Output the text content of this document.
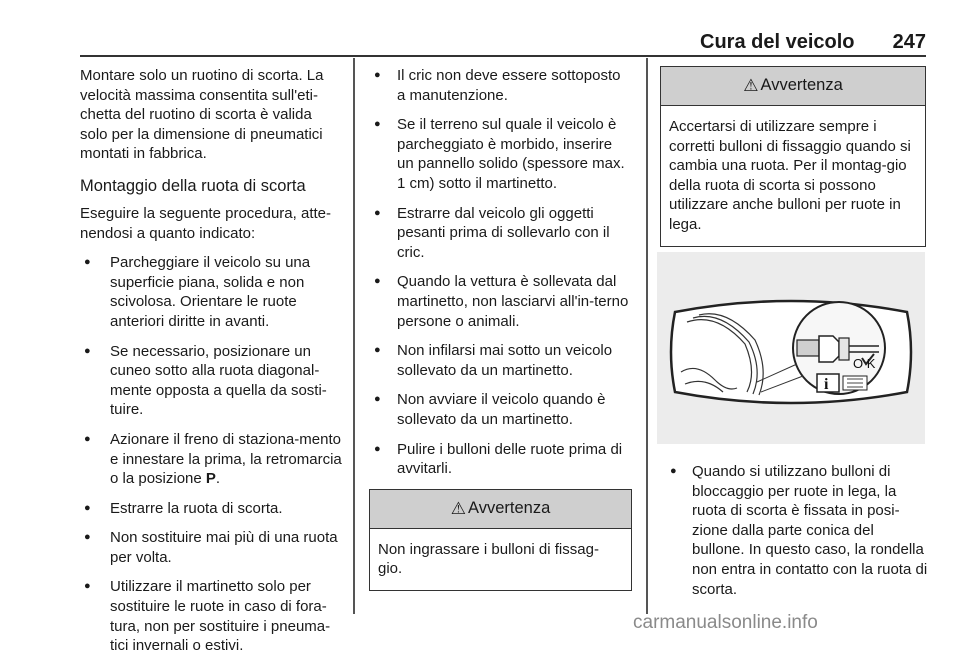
Cura del veicolo 247

Montare solo un ruotino di scorta. La velocità massima consentita sull'eti-chetta del ruotino di scorta è valida solo per la dimensione di pneumatici montati in fabbrica.

Montaggio della ruota di scorta

Eseguire la seguente procedura, atte-nendosi a quanto indicato:

● Parcheggiare il veicolo su una superficie piana, solida e non scivolosa. Orientare le ruote anteriori diritte in avanti.
● Se necessario, posizionare un cuneo sotto alla ruota diagonal-mente opposta a quella da sosti-tuire.
● Azionare il freno di staziona-mento e innestare la prima, la retromarcia o la posizione P.
● Estrarre la ruota di scorta.
● Non sostituire mai più di una ruota per volta.
● Utilizzare il martinetto solo per sostituire le ruote in caso di fora-tura, non per sostituire i pneuma-tici invernali o estivi.
● Il cric non deve essere sottoposto a manutenzione.
● Se il terreno sul quale il veicolo è parcheggiato è morbido, inserire un pannello solido (spessore max. 1 cm) sotto il martinetto.
● Estrarre dal veicolo gli oggetti pesanti prima di sollevarlo con il cric.
● Quando la vettura è sollevata dal martinetto, non lasciarvi all'in-terno persone o animali.
● Non infilarsi mai sotto un veicolo sollevato da un martinetto.
● Non avviare il veicolo quando è sollevato da un martinetto.
● Pulire i bulloni delle ruote prima di avvitarli.
⚠ Avvertenza
Non ingrassare i bulloni di fissag-gio.
⚠ Avvertenza
Accertarsi di utilizzare sempre i corretti bulloni di fissaggio quando si cambia una ruota. Per il montag-gio della ruota di scorta si possono utilizzare anche bulloni per ruote in lega.
i
O K
● Quando si utilizzano bulloni di bloccaggio per ruote in lega, la ruota di scorta è fissata in posi-zione dalla parte conica del bullone. In questo caso, la rondella non entra in contatto con la ruota di scorta.
carmanualsonline.info
